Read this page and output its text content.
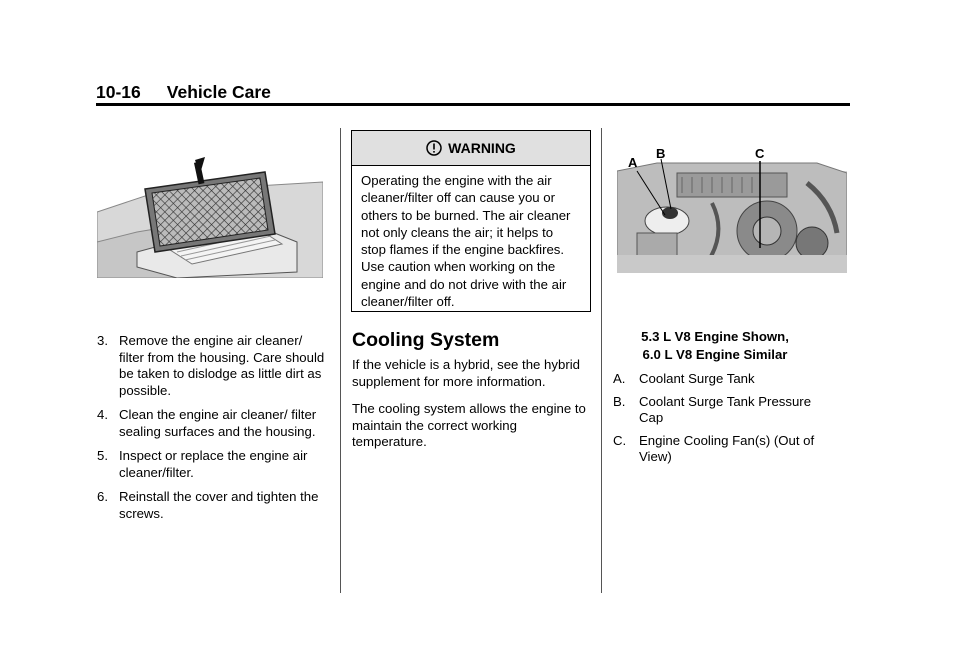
10-16 Vehicle Care
3. Remove the engine air cleaner/ filter from the housing. Care should be taken to dislodge as little dirt as possible.
4. Clean the engine air cleaner/ filter sealing surfaces and the housing.
5. Inspect or replace the engine air cleaner/filter.
6. Reinstall the cover and tighten the screws.
WARNING
Operating the engine with the air cleaner/filter off can cause you or others to be burned. The air cleaner not only cleans the air; it helps to stop flames if the engine backfires. Use caution when working on the engine and do not drive with the air cleaner/filter off.
Cooling System

If the vehicle is a hybrid, see the hybrid supplement for more information.

The cooling system allows the engine to maintain the correct working temperature.

A
B	C
5.3 L V8 Engine Shown,
6.0 L V8 Engine Similar
A. Coolant Surge Tank
B. Coolant Surge Tank Pressure Cap
C. Engine Cooling Fan(s) (Out of View)
